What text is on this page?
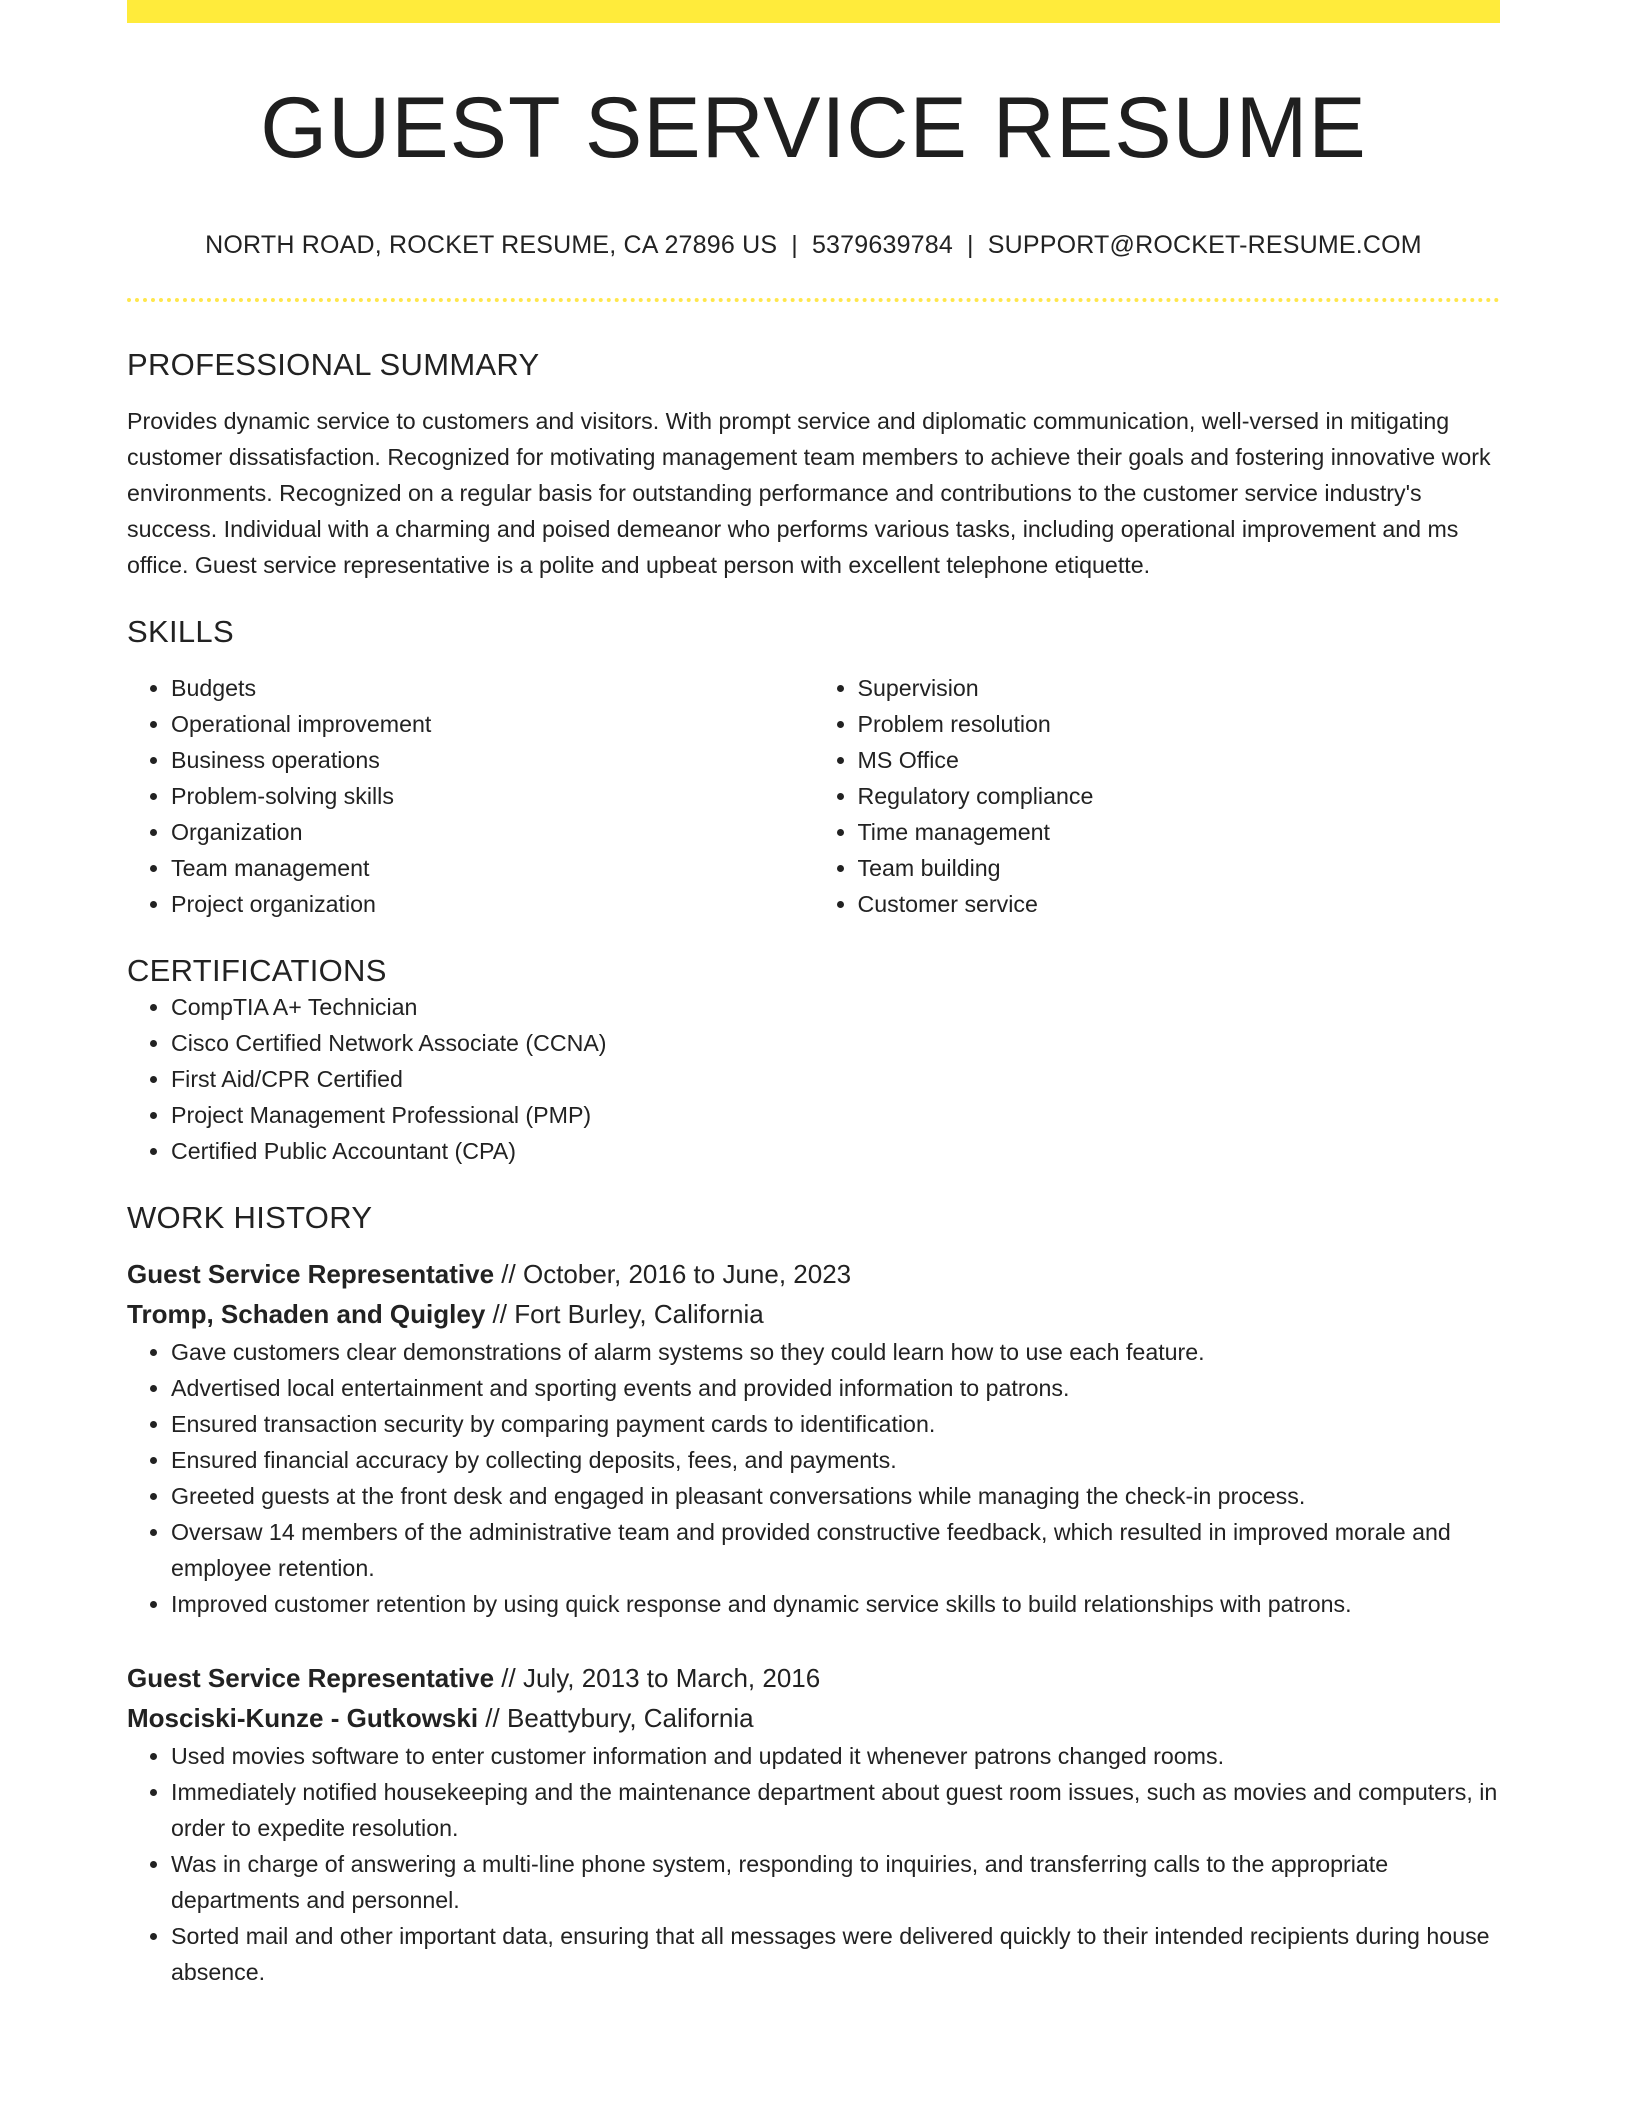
GUEST SERVICE RESUME
NORTH ROAD, ROCKET RESUME, CA 27896 US | 5379639784 | SUPPORT@ROCKET-RESUME.COM
PROFESSIONAL SUMMARY

Provides dynamic service to customers and visitors. With prompt service and diplomatic communication, well-versed in mitigating customer dissatisfaction. Recognized for motivating management team members to achieve their goals and fostering innovative work environments. Recognized on a regular basis for outstanding performance and contributions to the customer service industry's success. Individual with a charming and poised demeanor who performs various tasks, including operational improvement and ms office. Guest service representative is a polite and upbeat person with excellent telephone etiquette.

SKILLS
• Budgets
• Operational improvement
• Business operations
• Problem-solving skills
• Organization
• Team management
• Project organization
• Supervision
• Problem resolution
• MS Office
• Regulatory compliance
• Time management
• Team building
• Customer service
CERTIFICATIONS
• CompTIA A+ Technician
• Cisco Certified Network Associate (CCNA)
• First Aid/CPR Certified
• Project Management Professional (PMP)
• Certified Public Accountant (CPA)
WORK HISTORY
Guest Service Representative // October, 2016 to June, 2023
Tromp, Schaden and Quigley // Fort Burley, California
• Gave customers clear demonstrations of alarm systems so they could learn how to use each feature.
• Advertised local entertainment and sporting events and provided information to patrons.
• Ensured transaction security by comparing payment cards to identification.
• Ensured financial accuracy by collecting deposits, fees, and payments.
• Greeted guests at the front desk and engaged in pleasant conversations while managing the check-in process.
• Oversaw 14 members of the administrative team and provided constructive feedback, which resulted in improved morale and employee retention.
• Improved customer retention by using quick response and dynamic service skills to build relationships with patrons.
Guest Service Representative // July, 2013 to March, 2016
Mosciski-Kunze - Gutkowski // Beattybury, California
• Used movies software to enter customer information and updated it whenever patrons changed rooms.
• Immediately notified housekeeping and the maintenance department about guest room issues, such as movies and computers, in order to expedite resolution.
• Was in charge of answering a multi-line phone system, responding to inquiries, and transferring calls to the appropriate departments and personnel.
• Sorted mail and other important data, ensuring that all messages were delivered quickly to their intended recipients during house absence.
